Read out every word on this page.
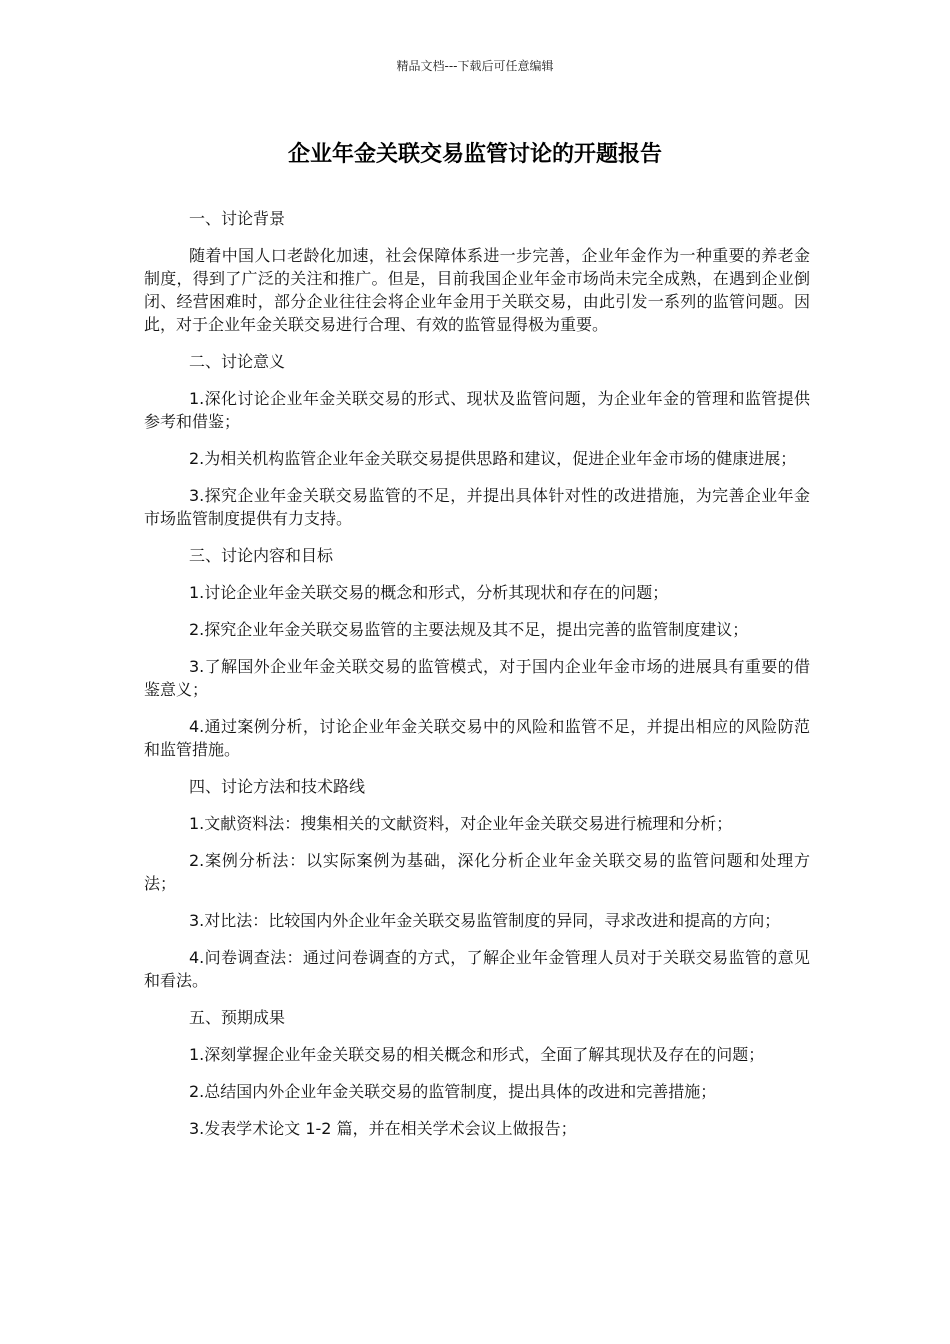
精品文档---下载后可任意编辑
企业年金关联交易监管讨论的开题报告
一、讨论背景

随着中国人口老龄化加速，社会保障体系进一步完善，企业年金作为一种重要的养老金制度，得到了广泛的关注和推广。但是，目前我国企业年金市场尚未完全成熟，在遇到企业倒闭、经营困难时，部分企业往往会将企业年金用于关联交易，由此引发一系列的监管问题。因此，对于企业年金关联交易进行合理、有效的监管显得极为重要。

二、讨论意义

1.深化讨论企业年金关联交易的形式、现状及监管问题，为企业年金的管理和监管提供参考和借鉴；

2.为相关机构监管企业年金关联交易提供思路和建议，促进企业年金市场的健康进展；

3.探究企业年金关联交易监管的不足，并提出具体针对性的改进措施，为完善企业年金市场监管制度提供有力支持。

三、讨论内容和目标

1.讨论企业年金关联交易的概念和形式，分析其现状和存在的问题；

2.探究企业年金关联交易监管的主要法规及其不足，提出完善的监管制度建议；

3.了解国外企业年金关联交易的监管模式，对于国内企业年金市场的进展具有重要的借鉴意义；

4.通过案例分析，讨论企业年金关联交易中的风险和监管不足，并提出相应的风险防范和监管措施。

四、讨论方法和技术路线

1.文献资料法：搜集相关的文献资料，对企业年金关联交易进行梳理和分析；

2.案例分析法：以实际案例为基础，深化分析企业年金关联交易的监管问题和处理方法；

3.对比法：比较国内外企业年金关联交易监管制度的异同，寻求改进和提高的方向；

4.问卷调查法：通过问卷调查的方式，了解企业年金管理人员对于关联交易监管的意见和看法。

五、预期成果

1.深刻掌握企业年金关联交易的相关概念和形式，全面了解其现状及存在的问题；

2.总结国内外企业年金关联交易的监管制度，提出具体的改进和完善措施；

3.发表学术论文 1-2 篇，并在相关学术会议上做报告；
